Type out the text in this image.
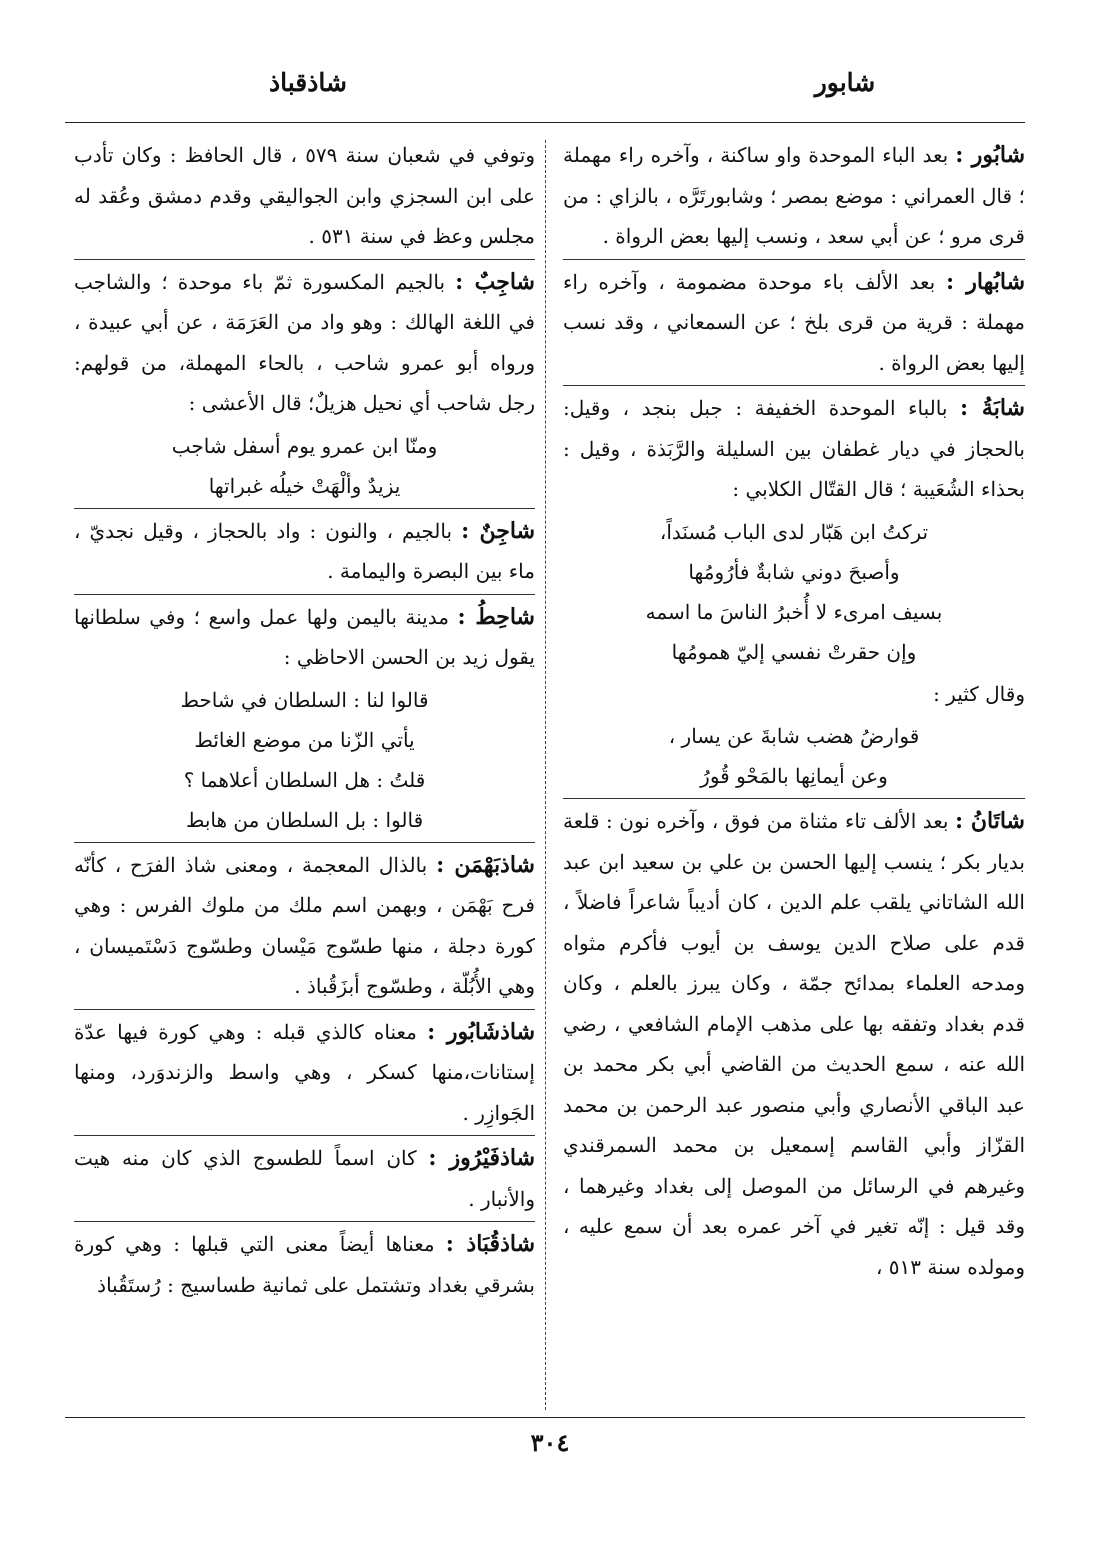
شابور
شاذقباذ

شابُور : بعد الباء الموحدة واو ساكنة ، وآخره راء مهملة ؛ قال العمراني : موضع بمصر ؛ وشابورتَرَّه ، بالزاي : من قرى مرو ؛ عن أبي سعد ، ونسب إليها بعض الرواة .

شابُهار : بعد الألف باء موحدة مضمومة ، وآخره راء مهملة : قرية من قرى بلخ ؛ عن السمعاني ، وقد نسب إليها بعض الرواة .

شابَةُ : بالباء الموحدة الخفيفة : جبل بنجد ، وقيل: بالحجاز في ديار غطفان بين السليلة والرَّبَذة ، وقيل : بحذاء الشُعَيبة ؛ قال القتّال الكلابي :

تركتُ ابن هَبّار لدى الباب مُسنَداً،
وأصبحَ دوني شابةٌ فأرُومُها
بسيف امرىء لا أُخبرُ الناسَ ما اسمه
وإن حقرتْ نفسي إليّ همومُها

وقال كثير :

قوارضُ هضب شابةَ عن يسار ،
وعن أيمانِها بالمَحْو قُورُ

شاتَانُ : بعد الألف تاء مثناة من فوق ، وآخره نون : قلعة بديار بكر ؛ ينسب إليها الحسن بن علي بن سعيد ابن عبد الله الشاتاني يلقب علم الدين ، كان أديباً شاعراً فاضلاً ، قدم على صلاح الدين يوسف بن أيوب فأكرم مثواه ومدحه العلماء بمدائح جمّة ، وكان يبرز بالعلم ، وكان قدم بغداد وتفقه بها على مذهب الإمام الشافعي ، رضي الله عنه ، سمع الحديث من القاضي أبي بكر محمد بن عبد الباقي الأنصاري وأبي منصور عبد الرحمن بن محمد القزّاز وأبي القاسم إسمعيل بن محمد السمرقندي وغيرهم في الرسائل من الموصل إلى بغداد وغيرهما ، وقد قيل : إنّه تغير في آخر عمره بعد أن سمع عليه ، ومولده سنة ٥١٣ ،

وتوفي في شعبان سنة ٥٧٩ ، قال الحافظ : وكان تأدب على ابن السجزي وابن الجواليقي وقدم دمشق وعُقد له مجلس وعظ في سنة ٥٣١ .

شاجِبٌ : بالجيم المكسورة ثمّ باء موحدة ؛ والشاجب في اللغة الهالك : وهو واد من العَرَمَة ، عن أبي عبيدة ، ورواه أبو عمرو شاحب ، بالحاء المهملة، من قولهم: رجل شاحب أي نحيل هزيلٌ؛ قال الأعشى :

ومنّا ابن عمرو يوم أسفل شاجب
يزيدٌ وألْهَتْ خيلُه غبراتها

شاجِنٌ : بالجيم ، والنون : واد بالحجاز ، وقيل نجديّ ، ماء بين البصرة واليمامة .

شاحِطُ : مدينة باليمن ولها عمل واسع ؛ وفي سلطانها يقول زيد بن الحسن الاحاظي :

قالوا لنا : السلطان في شاحط
يأتي الزّنا من موضع الغائط
قلتُ : هل السلطان أعلاهما ؟
قالوا : بل السلطان من هابط

شاذبَهْمَن : بالذال المعجمة ، ومعنى شاذ الفرَح ، كأنّه فرح بَهْمَن ، وبهمن اسم ملك من ملوك الفرس : وهي كورة دجلة ، منها طسّوج مَيْسان وطسّوج دَسْتَميسان ، وهي الأُبُلّة ، وطسّوج أبزَقُباذ .

شاذشَابُور : معناه كالذي قبله : وهي كورة فيها عدّة إستانات،منها كسكر ، وهي واسط والزندوَرد، ومنها الجَوازِر .

شاذفَيْرُوز : كان اسماً للطسوج الذي كان منه هيت والأنبار .

شاذقُبَاذ : معناها أيضاً معنى التي قبلها : وهي كورة بشرقي بغداد وتشتمل على ثمانية طساسيج : رُستَقُباذ

٣٠٤
